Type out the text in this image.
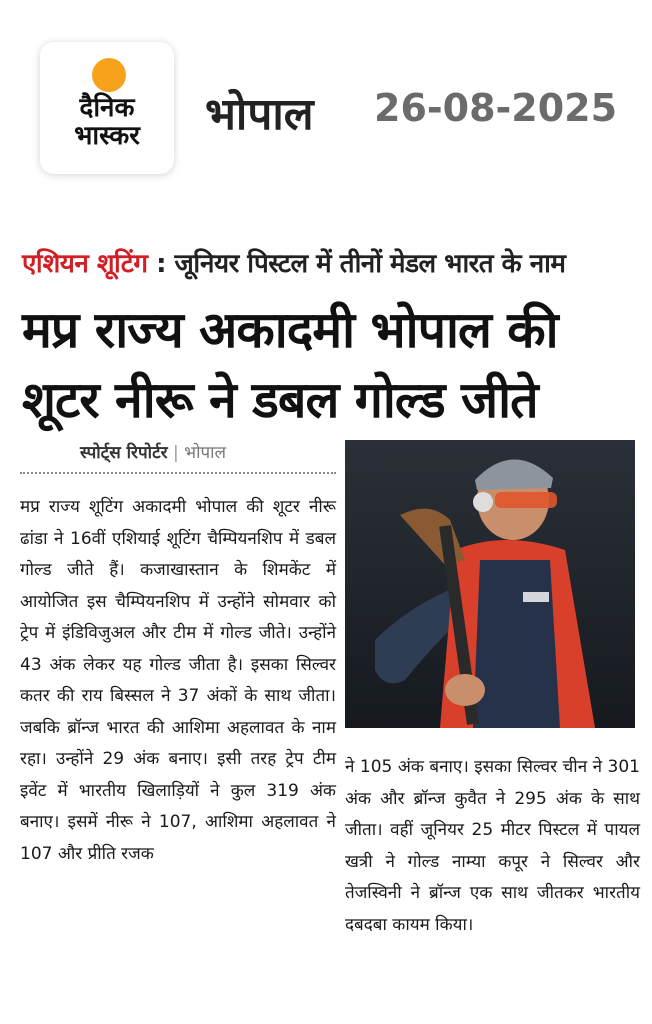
दैनिक
भास्कर	भोपाल 26-08-2025
एशियन शूटिंग : जूनियर पिस्टल में तीनों मेडल भारत के नाम
मप्र राज्य अकादमी भोपाल की
शूटर नीरू ने डबल गोल्ड जीते
स्पोर्ट्स रिपोर्टर | भोपाल

मप्र राज्य शूटिंग अकादमी भोपाल की शूटर नीरू ढांडा ने 16वीं एशियाई शूटिंग चैम्पियनशिप में डबल गोल्ड जीते हैं। कजाखास्तान के शिमकेंट में आयोजित इस चैम्पियनशिप में उन्होंने सोमवार को ट्रेप में इंडिविजुअल और टीम में गोल्ड जीते। उन्होंने 43 अंक लेकर यह गोल्ड जीता है। इसका सिल्वर कतर की राय बिस्सल ने 37 अंकों के साथ जीता। जबकि ब्रॉन्ज भारत की आशिमा अहलावत के नाम रहा। उन्होंने 29 अंक बनाए। इसी तरह ट्रेप टीम इवेंट में भारतीय खिलाड़ियों ने कुल 319 अंक बनाए। इसमें नीरू ने 107, आशिमा अहलावत ने 107 और प्रीति रजक

ने 105 अंक बनाए। इसका सिल्वर चीन ने 301 अंक और ब्रॉन्ज कुवैत ने 295 अंक के साथ जीता। वहीं जूनियर 25 मीटर पिस्टल में पायल खत्री ने गोल्ड नाम्या कपूर ने सिल्वर और तेजस्विनी ने ब्रॉन्ज एक साथ जीतकर भारतीय दबदबा कायम किया।
